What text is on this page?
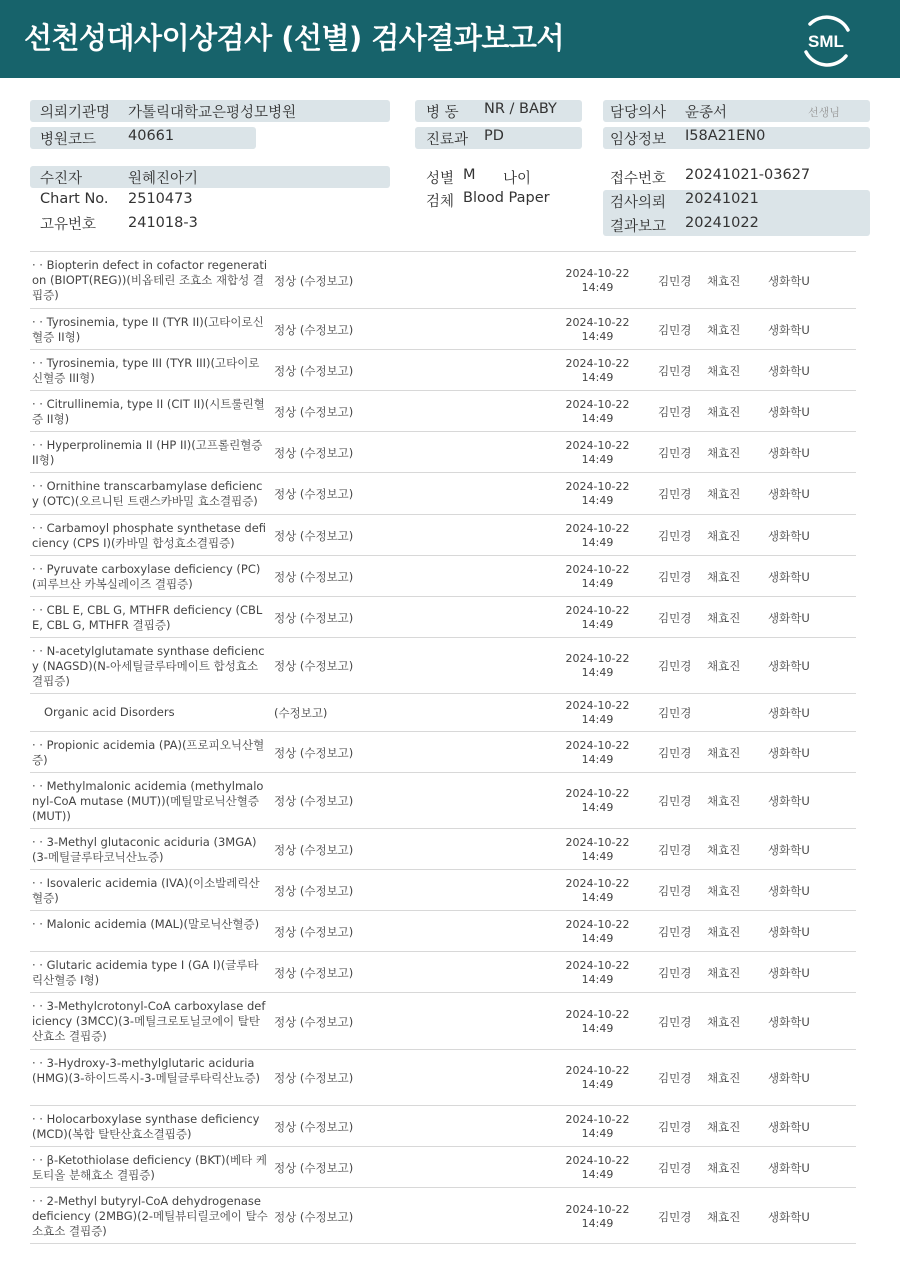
선천성대사이상검사 (선별) 검사결과보고서	SML
의뢰기관명 가톨릭대학교은평성모병원
병원코드 40661
병 동 NR / BABY
진료과 PD
담당의사 윤종서	선생님
임상정보 I58A21EN0
수진자	원혜진아기
Chart No. 2510473
고유번호 241018-3
성별 M 나이
검체 Blood Paper
접수번호 20241021-03627
검사의뢰 20241021
결과보고 20241022
· · Biopterin defect in cofactor regeneration (BIOPT(REG))(비옵테린 조효소 재합성 결핍증)
정상 (수정보고)
2024-10-22
14:49	김민경 채효진 생화학U
· · Tyrosinemia, type II (TYR II)(고타이로신혈증 II형)	정상 (수정보고)
2024-10-22
14:49	김민경 채효진 생화학U
· · Tyrosinemia, type III (TYR III)(고타이로신혈증 III형)	정상 (수정보고)
2024-10-22
14:49	김민경 채효진 생화학U
· · Citrullinemia, type II (CIT II)(시트룰린혈증 II형)	정상 (수정보고)
2024-10-22
14:49	김민경 채효진 생화학U
· · Hyperprolinemia II (HP II)(고프롤린혈증 II형)	정상 (수정보고)
2024-10-22
14:49	김민경 채효진 생화학U
· · Ornithine transcarbamylase deficiency (OTC)(오르니틴 트랜스카바밀 효소결핍증)	정상 (수정보고)
2024-10-22
14:49	김민경 채효진 생화학U
· · Carbamoyl phosphate synthetase deficiency (CPS I)(카바밀 합성효소결핍증)	정상 (수정보고)
2024-10-22
14:49	김민경 채효진 생화학U
· · Pyruvate carboxylase deficiency (PC)(피루브산 카복실레이즈 결핍증)	정상 (수정보고)
2024-10-22
14:49	김민경 채효진 생화학U
· · CBL E, CBL G, MTHFR deficiency (CBL E, CBL G, MTHFR 결핍증)	정상 (수정보고)
2024-10-22
14:49	김민경 채효진 생화학U
· · N-acetylglutamate synthase deficiency (NAGSD)(N-아세틸글루타메이트 합성효소 결핍증)
정상 (수정보고)
2024-10-22
14:49	김민경 채효진 생화학U
Organic acid Disorders	(수정보고)
2024-10-22
14:49	김민경	생화학U
· · Propionic acidemia (PA)(프로피오닉산혈증)	정상 (수정보고)
2024-10-22
14:49	김민경 채효진 생화학U
· · Methylmalonic acidemia (methylmalonyl-CoA mutase (MUT))(메틸말로닉산혈증 (MUT))
정상 (수정보고)
2024-10-22
14:49	김민경 채효진 생화학U
· · 3-Methyl glutaconic aciduria (3MGA)(3-메틸글루타코닉산뇨증)	정상 (수정보고)
2024-10-22
14:49	김민경 채효진 생화학U
· · Isovaleric acidemia (IVA)(이소발레릭산혈증)	정상 (수정보고)
2024-10-22
14:49	김민경 채효진 생화학U
· · Malonic acidemia (MAL)(말로닉산혈증)
정상 (수정보고)
2024-10-22
14:49	김민경 채효진 생화학U
· · Glutaric acidemia type I (GA I)(글루타릭산혈증 I형)	정상 (수정보고)
2024-10-22
14:49	김민경 채효진 생화학U
· · 3-Methylcrotonyl-CoA carboxylase deficiency (3MCC)(3-메틸크로토닐코에이 탈탄산효소 결핍증)
정상 (수정보고)
2024-10-22
14:49	김민경 채효진 생화학U
· · 3-Hydroxy-3-methylglutaric aciduria (HMG)(3-하이드록시-3-메틸글루타릭산뇨증)	정상 (수정보고)
2024-10-22
14:49	김민경 채효진 생화학U
· · Holocarboxylase synthase deficiency (MCD)(복합 탈탄산효소결핍증)	정상 (수정보고)
2024-10-22
14:49	김민경 채효진 생화학U
· · β-Ketothiolase deficiency (BKT)(베타 케토티올 분해효소 결핍증)	정상 (수정보고)
2024-10-22
14:49	김민경 채효진 생화학U
· · 2-Methyl butyryl-CoA dehydrogenase deficiency (2MBG)(2-메틸뷰티릴코에이 탈수소효소 결핍증)
정상 (수정보고)
2024-10-22
14:49	김민경 채효진 생화학U
